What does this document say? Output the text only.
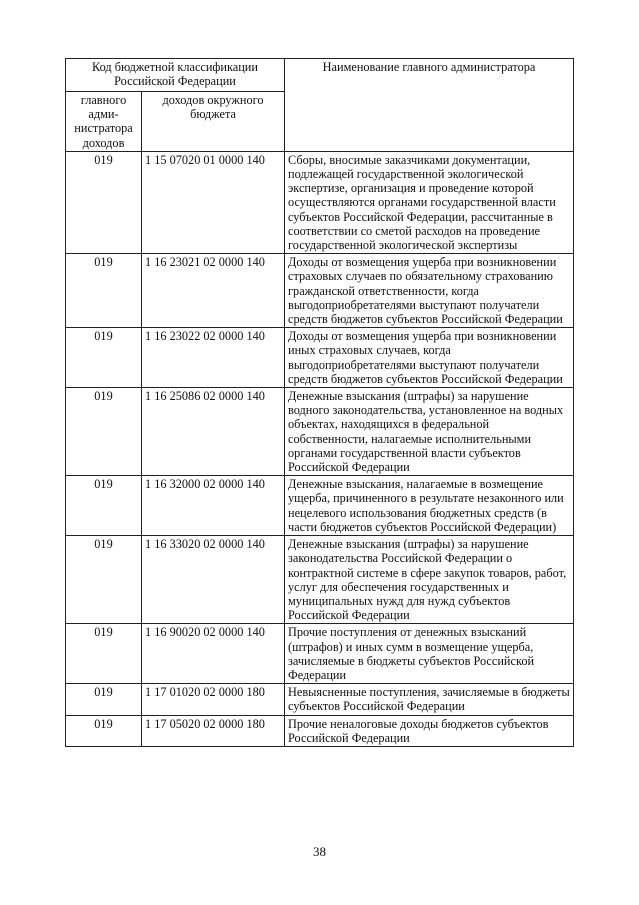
Код бюджетной классификации Российской Федерации		Наименование главного администратора
главного адми-нистратора доходов	доходов окружного бюджета	
019	1 15 07020 01 0000 140	Сборы, вносимые заказчиками документации, подлежащей государственной экологической экспертизе, организация и проведение которой осуществляются органами государственной власти субъектов Российской Федерации, рассчитанные в соответствии со сметой расходов на проведение государственной экологической экспертизы
019	1 16 23021 02 0000 140	Доходы от возмещения ущерба при возникновении страховых случаев по обязательному страхованию гражданской ответственности, когда выгодоприобретателями выступают получатели средств бюджетов субъектов Российской Федерации
019	1 16 23022 02 0000 140	Доходы от возмещения ущерба при возникновении иных страховых случаев, когда выгодоприобретателями выступают получатели средств бюджетов субъектов Российской Федерации
019	1 16 25086 02 0000 140	Денежные взыскания (штрафы) за нарушение водного законодательства, установленное на водных объектах, находящихся в федеральной собственности, налагаемые исполнительными органами государственной власти субъектов Российской Федерации
019	1 16 32000 02 0000 140	Денежные взыскания, налагаемые в возмещение ущерба, причиненного в результате незаконного или нецелевого использования бюджетных средств (в части бюджетов субъектов Российской Федерации)
019	1 16 33020 02 0000 140	Денежные взыскания (штрафы) за нарушение законодательства Российской Федерации о контрактной системе в сфере закупок товаров, работ, услуг для обеспечения государственных и муниципальных нужд для нужд субъектов Российской Федерации
019	1 16 90020 02 0000 140	Прочие поступления от денежных взысканий (штрафов) и иных сумм в возмещение ущерба, зачисляемые в бюджеты субъектов Российской Федерации
019	1 17 01020 02 0000 180	Невыясненные поступления, зачисляемые в бюджеты субъектов Российской Федерации
019	1 17 05020 02 0000 180	Прочие неналоговые доходы бюджетов субъектов Российской Федерации
38
